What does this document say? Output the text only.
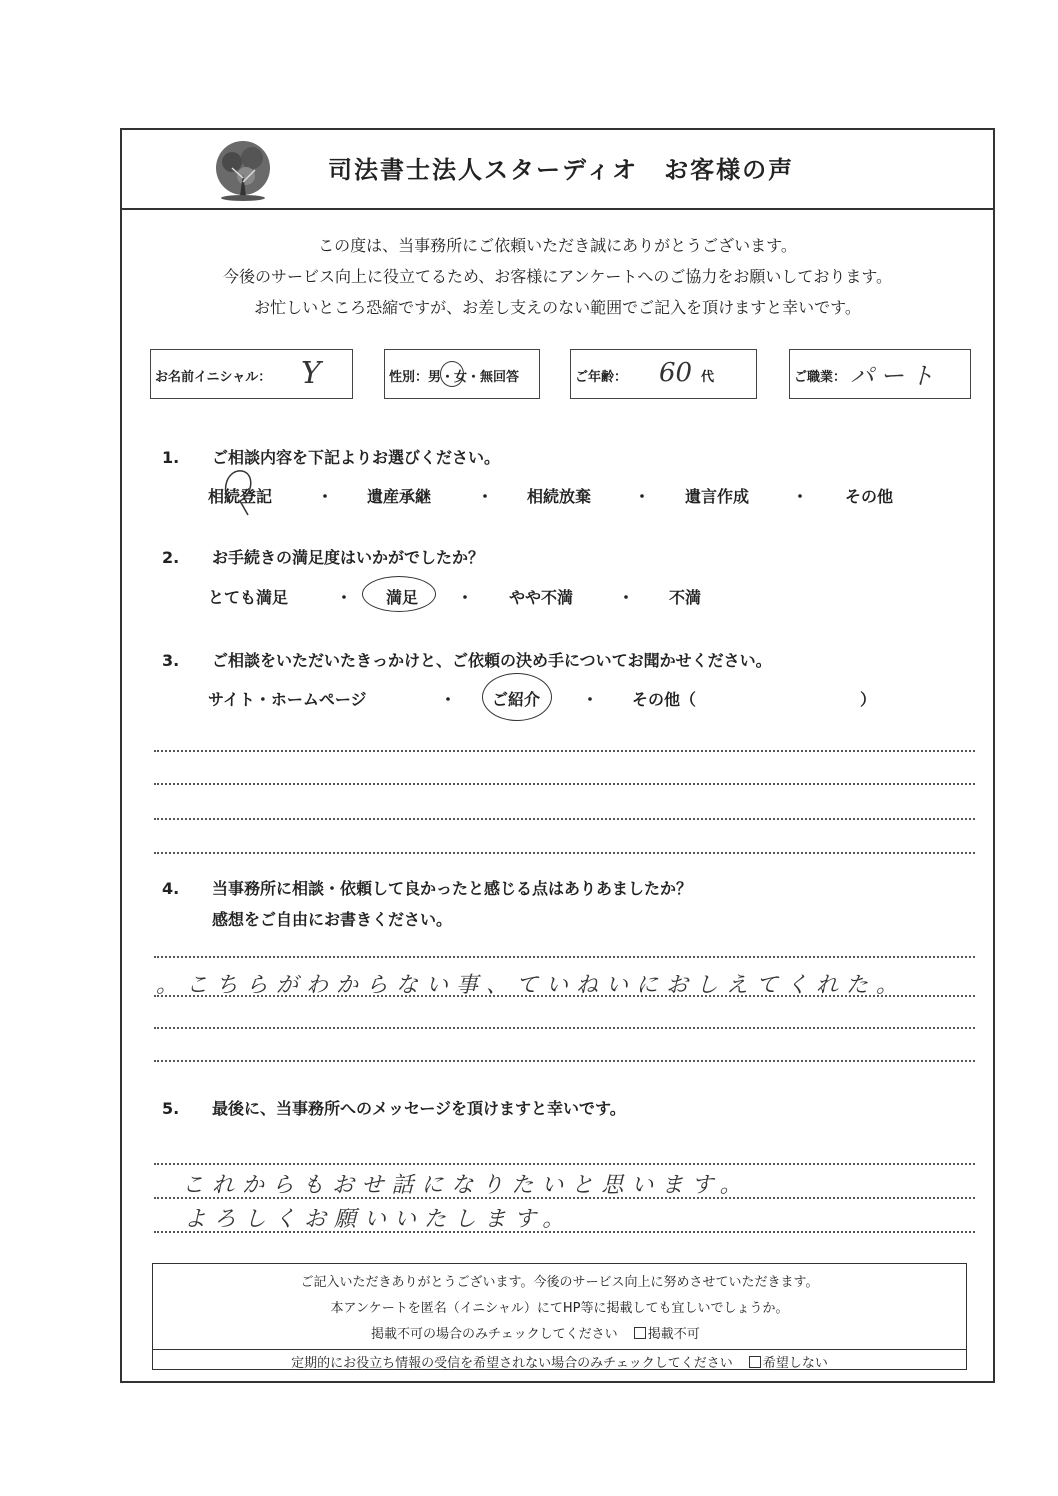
司法書士法人スターディオ　お客様の声
この度は、当事務所にご依頼いただき誠にありがとうございます。
今後のサービス向上に役立てるため、お客様にアンケートへのご協力をお願いしております。
お忙しいところ恐縮ですが、お差し支えのない範囲でご記入を頂けますと幸いです。
お名前イニシャル： Y	性別：男・女・無回答	ご年齢： 60 代	ご職業： パート
1. ご相談内容を下記よりお選びください。
相続登記	・ 遺産承継	・ 相続放棄	・ 遺言作成	・ その他
2. お手続きの満足度はいかがでしたか？
とても満足	・ 満足 ・ やや不満	・ 不満
3. ご相談をいただいたきっかけと、ご依頼の決め手についてお聞かせください。
サイト・ホームページ	・ ご紹介	・ その他（	）
4. 当事務所に相談・依頼して良かったと感じる点はありあましたか？
感想をご自由にお書きください。
。こちらがわからない事、ていねいにおしえてくれた。
5. 最後に、当事務所へのメッセージを頂けますと幸いです。
これからもおせ話になりたいと思います。
よろしくお願いいたします。
ご記入いただきありがとうございます。今後のサービス向上に努めさせていただきます。
本アンケートを匿名（イニシャル）にてHP等に掲載しても宜しいでしょうか。
掲載不可の場合のみチェックしてください 掲載不可
定期的にお役立ち情報の受信を希望されない場合のみチェックしてください 希望しない
